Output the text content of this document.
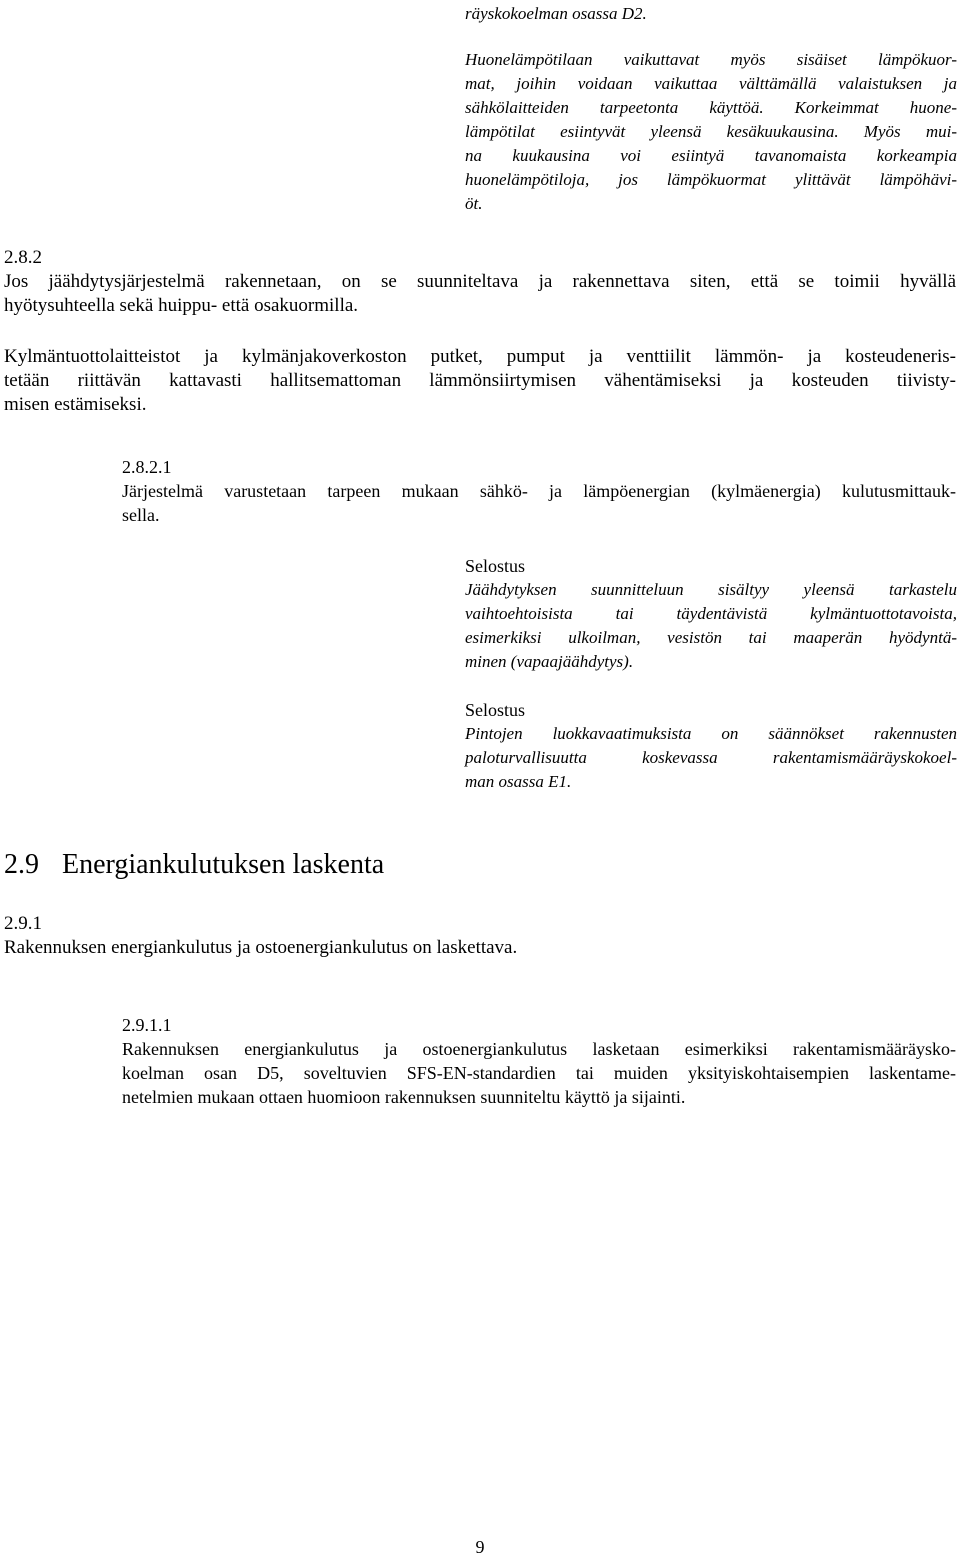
räyskokoelman osassa D2.
Huonelämpötilaan vaikuttavat myös sisäiset lämpökuor-
mat, joihin voidaan vaikuttaa välttämällä valaistuksen ja
sähkölaitteiden tarpeetonta käyttöä. Korkeimmat huone-
lämpötilat esiintyvät yleensä kesäkuukausina. Myös mui-
na kuukausina voi esiintyä tavanomaista korkeampia
huonelämpötiloja, jos lämpökuormat ylittävät lämpöhävi-
öt.
2.8.2
Jos jäähdytysjärjestelmä rakennetaan, on se suunniteltava ja rakennettava siten, että se toimii hyvällä
hyötysuhteella sekä huippu- että osakuormilla.
Kylmäntuottolaitteistot ja kylmänjakoverkoston putket, pumput ja venttiilit lämmön- ja kosteudeneris-
tetään riittävän kattavasti hallitsemattoman lämmönsiirtymisen vähentämiseksi ja kosteuden tiivisty-
misen estämiseksi.
2.8.2.1
Järjestelmä varustetaan tarpeen mukaan sähkö- ja lämpöenergian (kylmäenergia) kulutusmittauk-
sella.
Selostus
Jäähdytyksen suunnitteluun sisältyy yleensä tarkastelu
vaihtoehtoisista tai täydentävistä kylmäntuottotavoista,
esimerkiksi ulkoilman, vesistön tai maaperän hyödyntä-
minen (vapaajäähdytys).
Selostus
Pintojen luokkavaatimuksista on säännökset rakennusten
paloturvallisuutta koskevassa rakentamismääräyskokoel-
man osassa E1.
2.9 Energiankulutuksen laskenta
2.9.1
Rakennuksen energiankulutus ja ostoenergiankulutus on laskettava.
2.9.1.1
Rakennuksen energiankulutus ja ostoenergiankulutus lasketaan esimerkiksi rakentamismääräysko-
koelman osan D5, soveltuvien SFS-EN-standardien tai muiden yksityiskohtaisempien laskentame-
netelmien mukaan ottaen huomioon rakennuksen suunniteltu käyttö ja sijainti.
9
